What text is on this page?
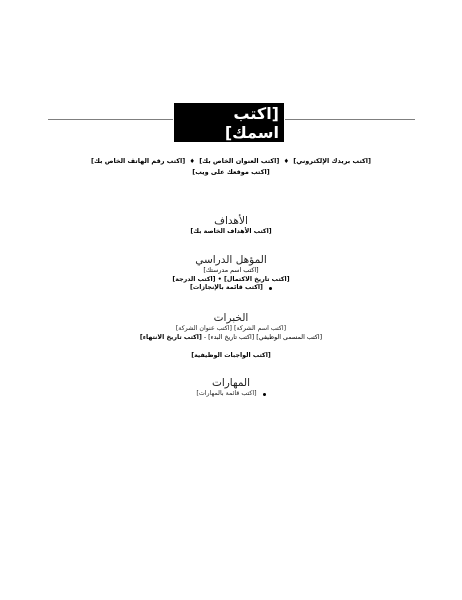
[اكتب اسمك]
[اكتب بريدك الإلكتروني] ♦ [اكتب العنوان الخاص بك] ♦ [اكتب رقم الهاتف الخاص بك]
[اكتب موقعك على ويب]
الأهداف
[اكتب الأهداف الخاصة بك]
المؤهل الدراسي
[اكتب اسم مدرستك]
[اكتب تاريخ الاكتمال] • [اكتب الدرجة]
[اكتب قائمة بالإنجازات]
الخبرات
[اكتب اسم الشركة] [اكتب عنوان الشركة]
[اكتب المسمى الوظيفي] [اكتب تاريخ البدء] - [اكتب تاريخ الانتهاء]
[اكتب الواجبات الوظيفية]
المهارات
[اكتب قائمة بالمهارات]
